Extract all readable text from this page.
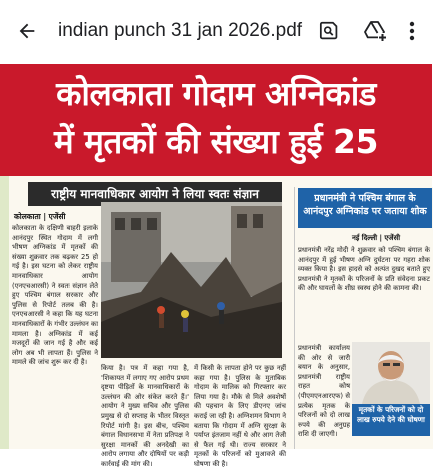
indian punch 31 jan 2026.pdf
कोलकाता गोदाम अग्निकांड
में मृतकों की संख्या हुई 25
राष्ट्रीय मानवाधिकार आयोग ने लिया स्वतः संज्ञान
कोलकाता | एजेंसी
कोलकाता के दक्षिणी बाहरी इलाके आनंदपुर स्थित गोदाम में लगी भीषण अग्निकांड में मृतकों की संख्या शुक्रवार तक बढ़कर 25 हो गई है। इस घटना को लेकर राष्ट्रीय मानवाधिकार आयोग (एनएचआरसी) ने स्वतः संज्ञान लेते हुए पश्चिम बंगाल सरकार और पुलिस से रिपोर्ट तलब की है। एनएचआरसी ने कहा कि यह घटना मानवाधिकारों के गंभीर उल्लंघन का मामला है। अग्निकांड में कई मजदूरों की जान गई है और कई लोग अब भी लापता हैं। पुलिस ने मामले की जांच शुरू कर दी है।
किया है। पत्र में कहा गया है, 'शिकायत में लगाए गए आरोप प्रथम दृष्टया पीड़ितों के मानवाधिकारों के उल्लंघन की ओर संकेत करते हैं।' आयोग ने मुख्य सचिव और पुलिस प्रमुख से दो सप्ताह के भीतर विस्तृत रिपोर्ट मांगी है। इस बीच, पश्चिम बंगाल विधानसभा में नेता प्रतिपक्ष ने सुरक्षा मानकों की अनदेखी का आरोप लगाया और दोषियों पर कड़ी कार्रवाई की मांग की।
में किसी के लापता होने पर कुछ नहीं कहा गया है। पुलिस के मुताबिक गोदाम के मालिक को गिरफ्तार कर लिया गया है। मौके से मिले अवशेषों की पहचान के लिए डीएनए जांच कराई जा रही है। अग्निशमन विभाग ने बताया कि गोदाम में अग्नि सुरक्षा के पर्याप्त इंतजाम नहीं थे और आग तेजी से फैल गई थी। राज्य सरकार ने मृतकों के परिजनों को मुआवजे की घोषणा की है।
प्रधानमंत्री ने पश्चिम बंगाल के आनंदपुर अग्निकांड पर जताया शोक
नई दिल्ली | एजेंसी
प्रधानमंत्री नरेंद्र मोदी ने शुक्रवार को पश्चिम बंगाल के आनंदपुर में हुई भीषण अग्नि दुर्घटना पर गहरा शोक व्यक्त किया है। इस हादसे को अत्यंत दुखद बताते हुए प्रधानमंत्री ने मृतकों के परिजनों के प्रति संवेदना प्रकट की और घायलों के शीघ्र स्वस्थ होने की कामना की।
प्रधानमंत्री कार्यालय की ओर से जारी बयान के अनुसार, प्रधानमंत्री राष्ट्रीय राहत कोष (पीएमएनआरएफ) से प्रत्येक मृतक के परिजनों को दो लाख रुपये की अनुग्रह राशि दी जाएगी।
मृतकों के परिजनों को दो लाख रुपये देने की घोषणा
